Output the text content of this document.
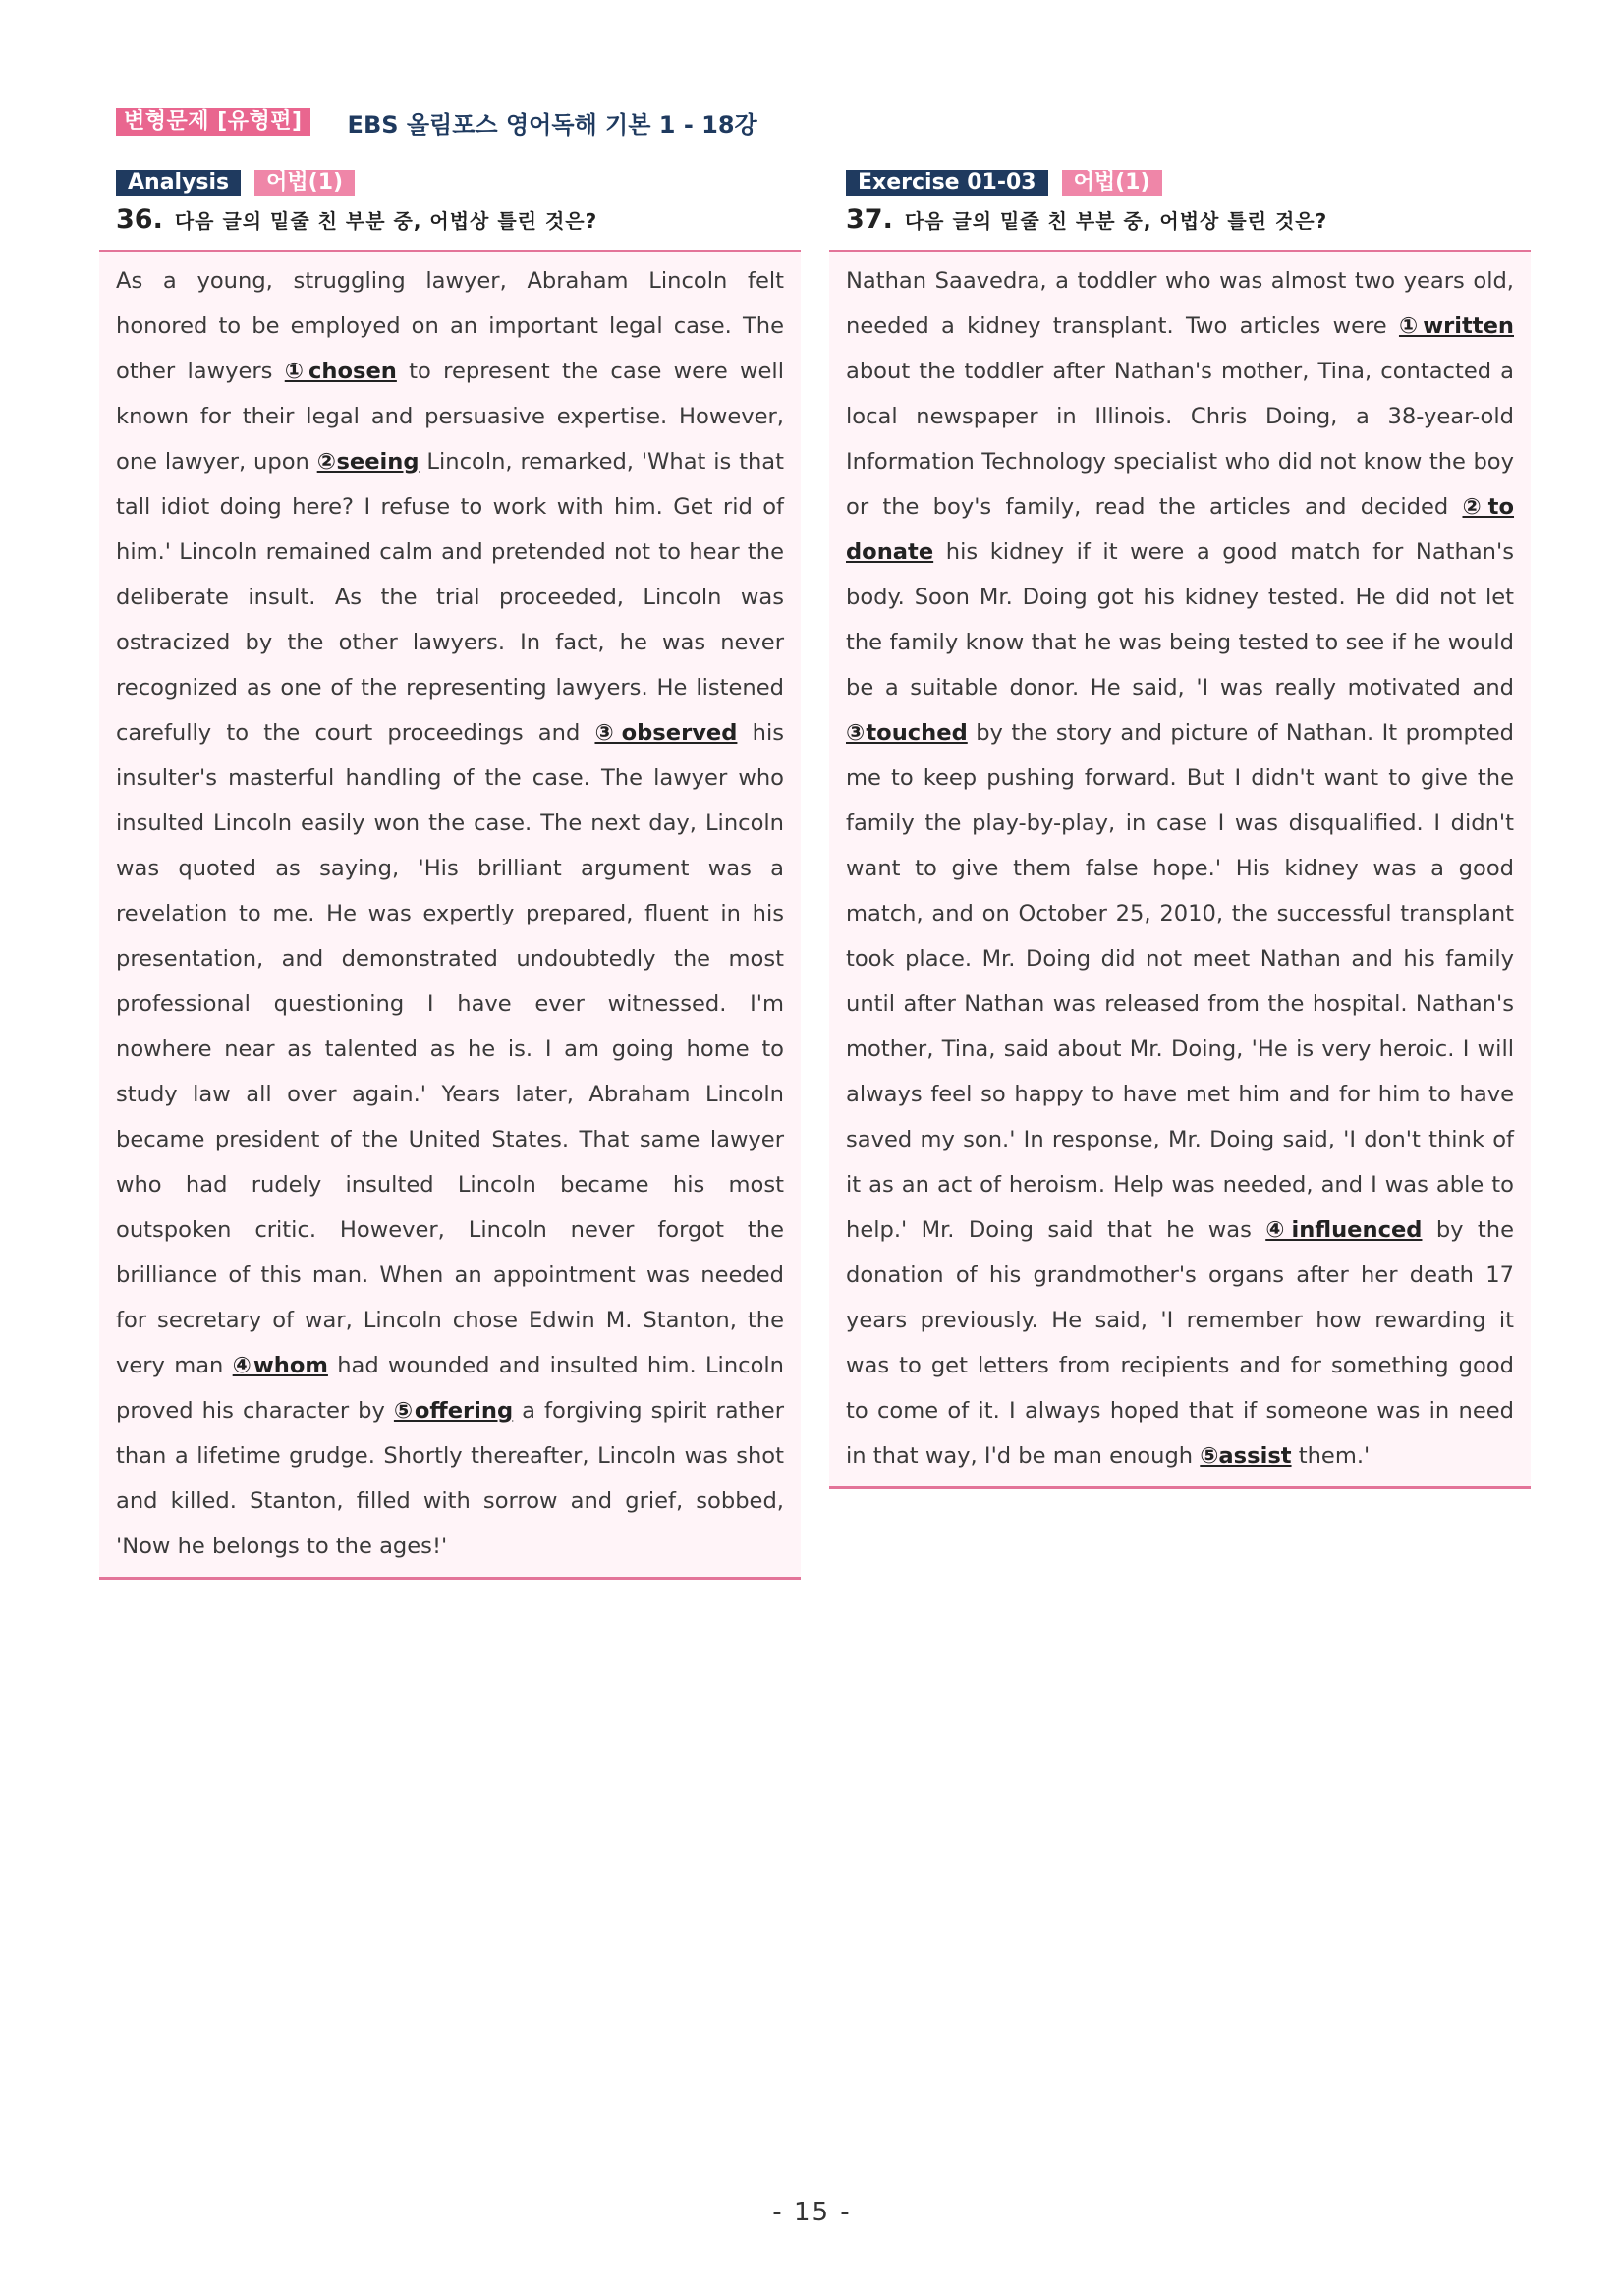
변형문제 [유형편]	EBS 올림포스 영어독해 기본 1 - 18강
Analysis	어법(1)
36. 다음 글의 밑줄 친 부분 중, 어법상 틀린 것은?

As a young, struggling lawyer, Abraham Lincoln felt honored to be employed on an important legal case. The other lawyers ①chosen to represent the case were well known for their legal and persuasive expertise. However, one lawyer, upon ②seeing Lincoln, remarked, 'What is that tall idiot doing here? I refuse to work with him. Get rid of him.' Lincoln remained calm and pretended not to hear the deliberate insult. As the trial proceeded, Lincoln was ostracized by the other lawyers. In fact, he was never recognized as one of the representing lawyers. He listened carefully to the court proceedings and ③observed his insulter's masterful handling of the case. The lawyer who insulted Lincoln easily won the case. The next day, Lincoln was quoted as saying, 'His brilliant argument was a revelation to me. He was expertly prepared, fluent in his presentation, and demonstrated undoubtedly the most professional questioning I have ever witnessed. I'm nowhere near as talented as he is. I am going home to study law all over again.' Years later, Abraham Lincoln became president of the United States. That same lawyer who had rudely insulted Lincoln became his most outspoken critic. However, Lincoln never forgot the brilliance of this man. When an appointment was needed for secretary of war, Lincoln chose Edwin M. Stanton, the very man ④whom had wounded and insulted him. Lincoln proved his character by ⑤offering a forgiving spirit rather than a lifetime grudge. Shortly thereafter, Lincoln was shot and killed. Stanton, filled with sorrow and grief, sobbed, 'Now he belongs to the ages!'

Exercise 01-03	어법(1)
37. 다음 글의 밑줄 친 부분 중, 어법상 틀린 것은?

Nathan Saavedra, a toddler who was almost two years old, needed a kidney transplant. Two articles were ①written about the toddler after Nathan's mother, Tina, contacted a local newspaper in Illinois. Chris Doing, a 38-year-old Information Technology specialist who did not know the boy or the boy's family, read the articles and decided ②to donate his kidney if it were a good match for Nathan's body. Soon Mr. Doing got his kidney tested. He did not let the family know that he was being tested to see if he would be a suitable donor. He said, 'I was really motivated and ③touched by the story and picture of Nathan. It prompted me to keep pushing forward. But I didn't want to give the family the play-by-play, in case I was disqualified. I didn't want to give them false hope.' His kidney was a good match, and on October 25, 2010, the successful transplant took place. Mr. Doing did not meet Nathan and his family until after Nathan was released from the hospital. Nathan's mother, Tina, said about Mr. Doing, 'He is very heroic. I will always feel so happy to have met him and for him to have saved my son.' In response, Mr. Doing said, 'I don't think of it as an act of heroism. Help was needed, and I was able to help.' Mr. Doing said that he was ④influenced by the donation of his grandmother's organs after her death 17 years previously. He said, 'I remember how rewarding it was to get letters from recipients and for something good to come of it. I always hoped that if someone was in need in that way, I'd be man enough ⑤assist them.'

- 15 -
